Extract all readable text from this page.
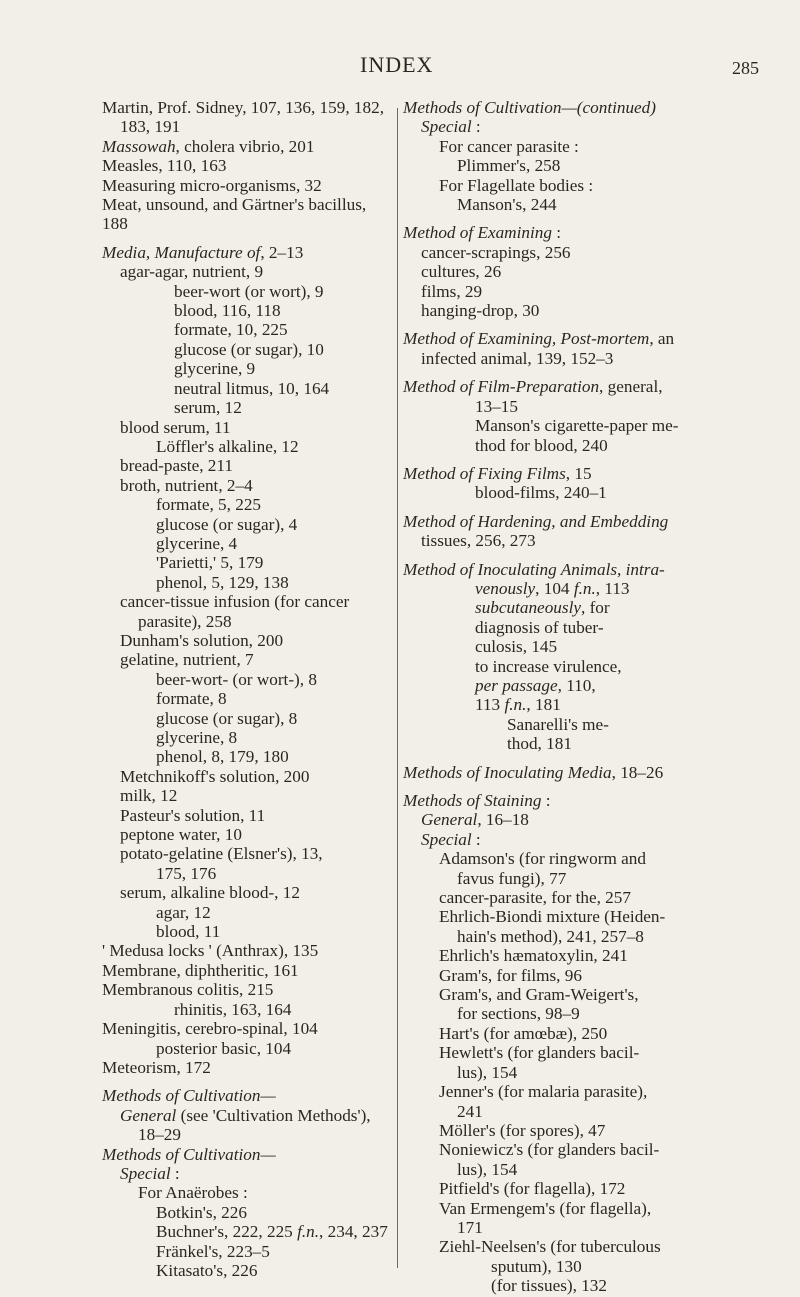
INDEX	285
Martin, Prof. Sidney, 107, 136, 159, 182,
183, 191
Massowah, cholera vibrio, 201
Measles, 110, 163
Measuring micro-organisms, 32
Meat, unsound, and Gärtner's bacillus,
188
Media, Manufacture of, 2–13
agar-agar, nutrient, 9
beer-wort (or wort), 9
blood, 116, 118
formate, 10, 225
glucose (or sugar), 10
glycerine, 9
neutral litmus, 10, 164
serum, 12
blood serum, 11
Löffler's alkaline, 12
bread-paste, 211
broth, nutrient, 2–4
formate, 5, 225
glucose (or sugar), 4
glycerine, 4
'Parietti,' 5, 179
phenol, 5, 129, 138
cancer-tissue infusion (for cancer
parasite), 258
Dunham's solution, 200
gelatine, nutrient, 7
beer-wort- (or wort-), 8
formate, 8
glucose (or sugar), 8
glycerine, 8
phenol, 8, 179, 180
Metchnikoff's solution, 200
milk, 12
Pasteur's solution, 11
peptone water, 10
potato-gelatine (Elsner's), 13,
175, 176
serum, alkaline blood-, 12
agar, 12
blood, 11
' Medusa locks ' (Anthrax), 135
Membrane, diphtheritic, 161
Membranous colitis, 215
rhinitis, 163, 164
Meningitis, cerebro-spinal, 104
posterior basic, 104
Meteorism, 172
Methods of Cultivation—
General (see 'Cultivation Methods'),
18–29
Methods of Cultivation—
Special :
For Anaërobes :
Botkin's, 226
Buchner's, 222, 225 f.n., 234, 237
Fränkel's, 223–5
Kitasato's, 226
Methods of Cultivation—(continued)
Special :
For cancer parasite :
Plimmer's, 258
For Flagellate bodies :
Manson's, 244
Method of Examining :
cancer-scrapings, 256
cultures, 26
films, 29
hanging-drop, 30
Method of Examining, Post-mortem, an
infected animal, 139, 152–3
Method of Film-Preparation, general,
13–15
Manson's cigarette-paper me-
thod for blood, 240
Method of Fixing Films, 15
blood-films, 240–1
Method of Hardening, and Embedding
tissues, 256, 273
Method of Inoculating Animals, intra-
venously, 104 f.n., 113
subcutaneously, for
diagnosis of tuber-
culosis, 145
to increase virulence,
per passage, 110,
113 f.n., 181
Sanarelli's me-
thod, 181
Methods of Inoculating Media, 18–26
Methods of Staining :
General, 16–18
Special :
Adamson's (for ringworm and
favus fungi), 77
cancer-parasite, for the, 257
Ehrlich-Biondi mixture (Heiden-
hain's method), 241, 257–8
Ehrlich's hæmatoxylin, 241
Gram's, for films, 96
Gram's, and Gram-Weigert's,
for sections, 98–9
Hart's (for amœbæ), 250
Hewlett's (for glanders bacil-
lus), 154
Jenner's (for malaria parasite),
241
Möller's (for spores), 47
Noniewicz's (for glanders bacil-
lus), 154
Pitfield's (for flagella), 172
Van Ermengem's (for flagella),
171
Ziehl-Neelsen's (for tuberculous
sputum), 130
(for tissues), 132
